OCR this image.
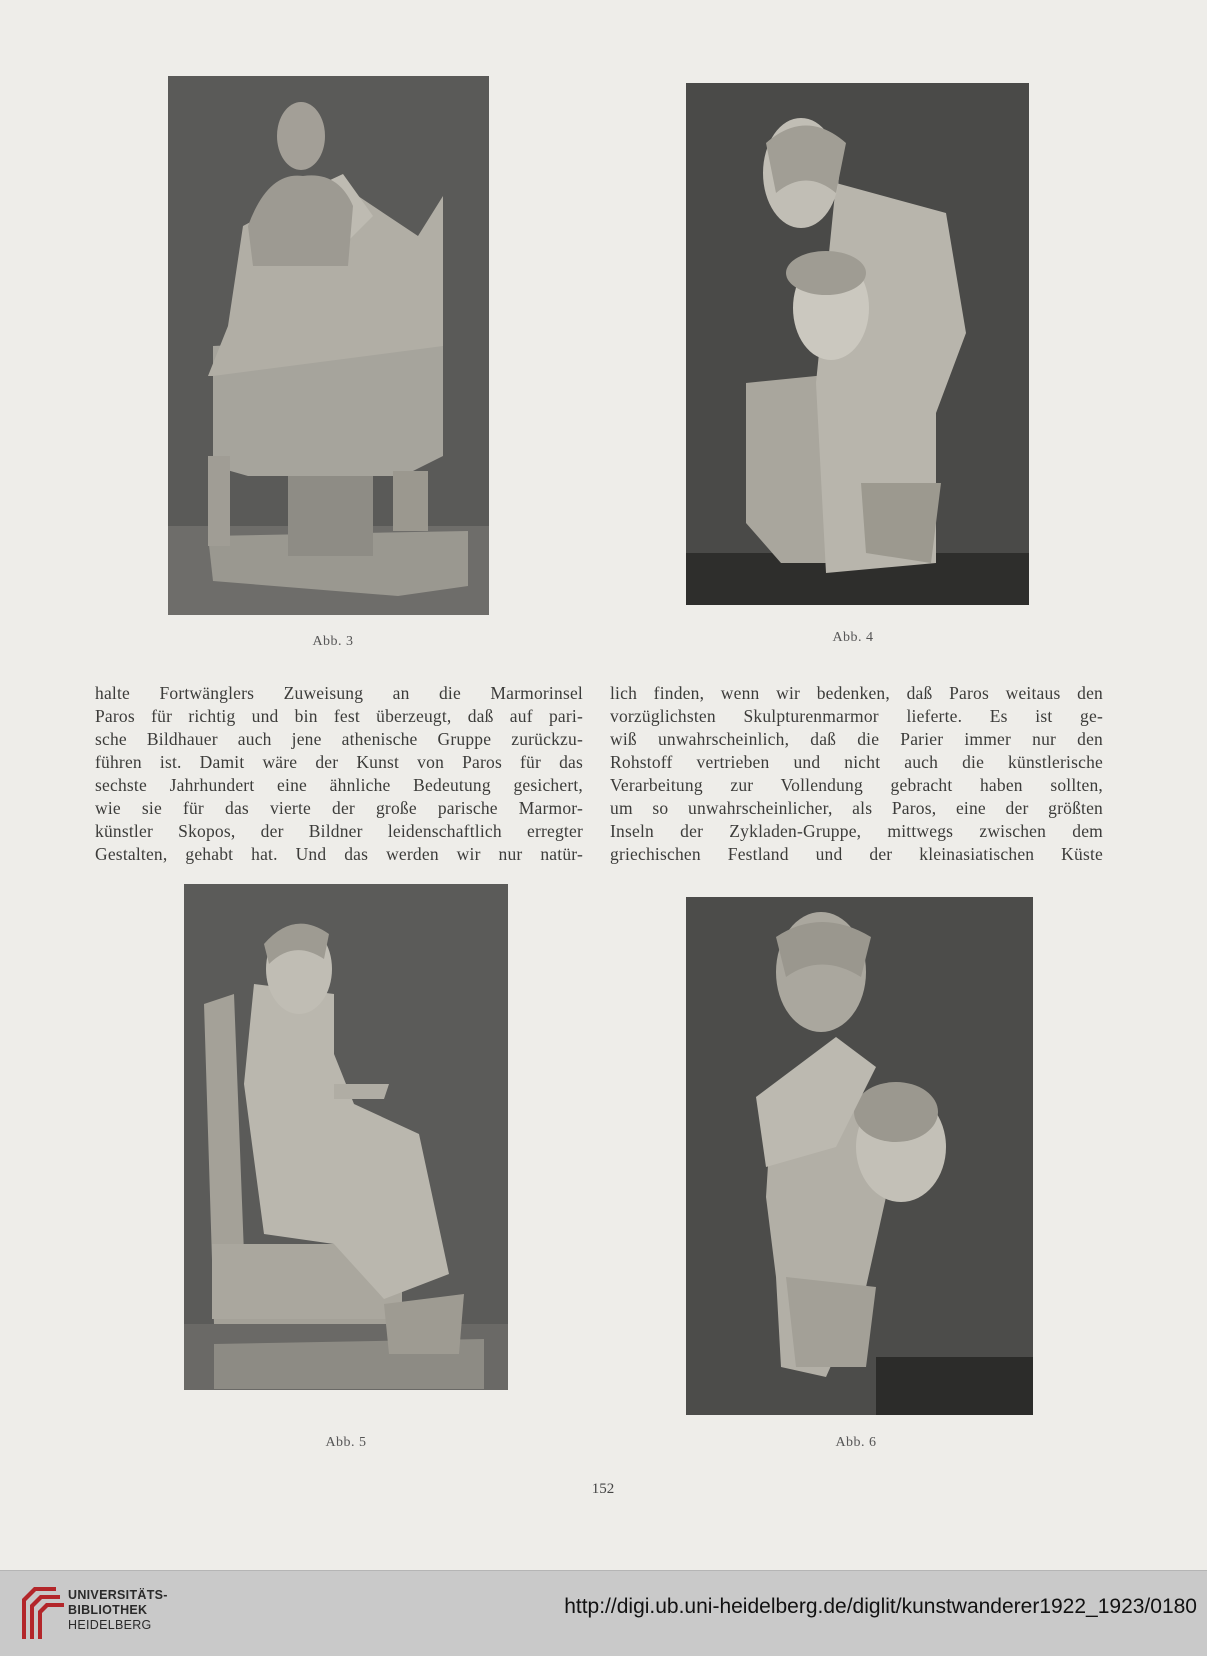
Abb. 3	Abb. 4
halte Fortwänglers Zuweisung an die Marmorinsel
Paros für richtig und bin fest überzeugt, daß auf pari-
sche Bildhauer auch jene athenische Gruppe zurückzu-
führen ist. Damit wäre der Kunst von Paros für das
sechste Jahrhundert eine ähnliche Bedeutung gesichert,
wie sie für das vierte der große parische Marmor-
künstler Skopos, der Bildner leidenschaftlich erregter
Gestalten, gehabt hat. Und das werden wir nur natür-
lich finden, wenn wir bedenken, daß Paros weitaus den
vorzüglichsten Skulpturenmarmor lieferte. Es ist ge-
wiß unwahrscheinlich, daß die Parier immer nur den
Rohstoff vertrieben und nicht auch die künstlerische
Verarbeitung zur Vollendung gebracht haben sollten,
um so unwahrscheinlicher, als Paros, eine der größten
Inseln der Zykladen-Gruppe, mittwegs zwischen dem
griechischen Festland und der kleinasiatischen Küste
Abb. 5	Abb. 6
152
UNIVERSITÄTS-
BIBLIOTHEK
HEIDELBERG
http://digi.ub.uni-heidelberg.de/diglit/kunstwanderer1922_1923/0180
